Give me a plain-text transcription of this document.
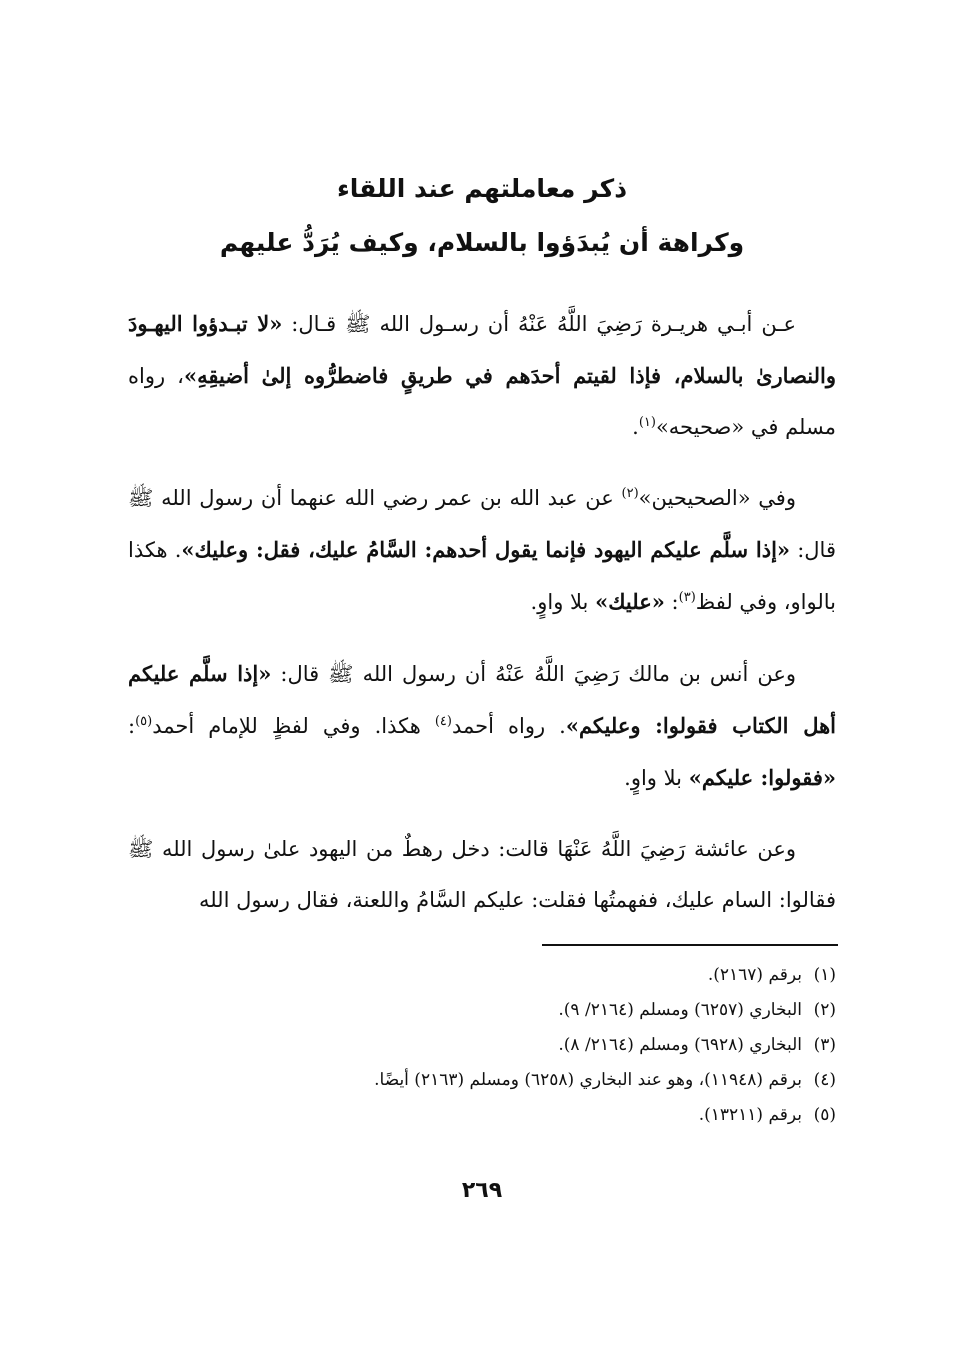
ذكر معاملتهم عند اللقاء
وكراهة أن يُبدَؤوا بالسلام، وكيف يُرَدُّ عليهم

عـن أبـي هريـرة رَضِيَ اللَّهُ عَنْهُ أن رسـول الله ﷺ قـال: «لا تبـدؤوا اليهـودَ والنصارىٰ بالسلام، فإذا لقيتم أحدَهم في طريقٍ فاضطرُّوه إلىٰ أضيقِهِ»، رواه مسلم في «صحيحه»$^{(١)}$.

وفي «الصحيحين»$^{(٢)}$ عن عبد الله بن عمر رضي الله عنهما أن رسول الله ﷺ قال: «إذا سلَّم عليكم اليهود فإنما يقول أحدهم: السَّامُ عليك، فقل: وعليك». هكذا بالواو، وفي لفظ$^{(٣)}$: «عليك» بلا واوٍ.

وعن أنس بن مالك رَضِيَ اللَّهُ عَنْهُ أن رسول الله ﷺ قال: «إذا سلَّم عليكم أهل الكتاب فقولوا: وعليكم». رواه أحمد$^{(٤)}$ هكذا. وفي لفظٍ للإمام أحمد$^{(٥)}$: «فقولوا: عليكم» بلا واوٍ.

وعن عائشة رَضِيَ اللَّهُ عَنْهَا قالت: دخل رهطٌ من اليهود علىٰ رسول الله ﷺ فقالوا: السام عليك، ففهمتُها فقلت: عليكم السَّامُ واللعنة، فقال رسول الله

(١)برقم (٢١٦٧).
(٢)البخاري (٦٢٥٧) ومسلم (٢١٦٤/ ٩).
(٣)البخاري (٦٩٢٨) ومسلم (٢١٦٤/ ٨).
(٤)برقم (١١٩٤٨)، وهو عند البخاري (٦٢٥٨) ومسلم (٢١٦٣) أيضًا.
(٥)برقم (١٣٢١١).
٢٦٩
